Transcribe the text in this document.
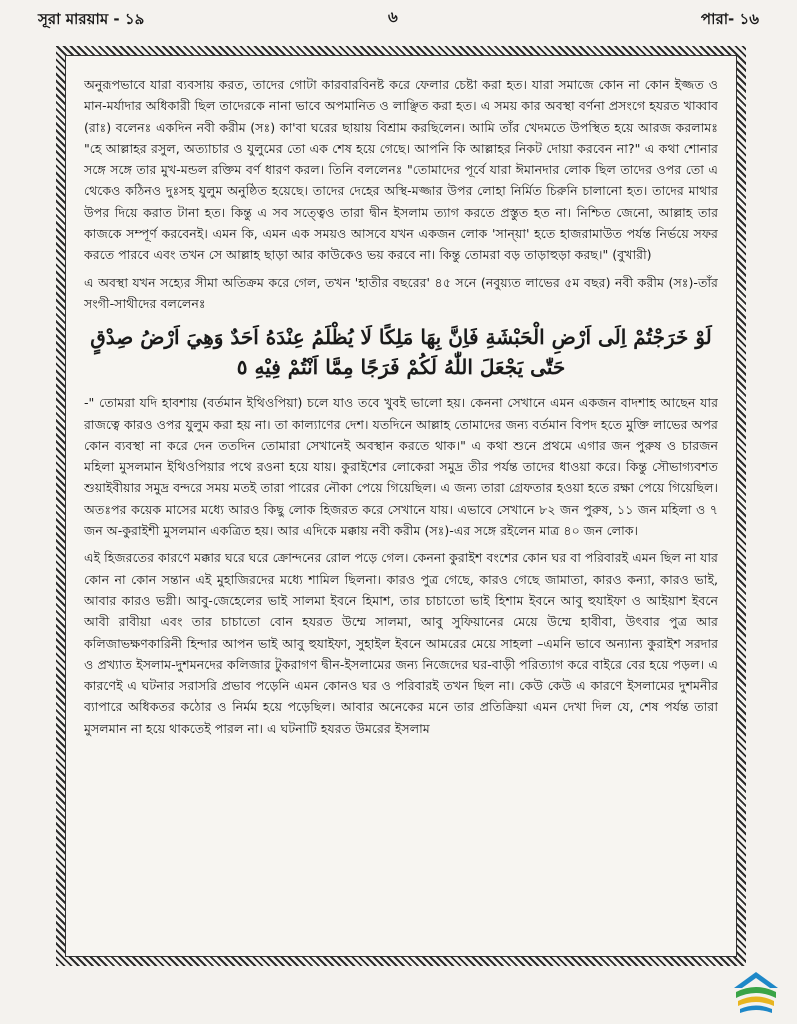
সূরা মারয়াম - ১৯	৬	পারা- ১৬

অনুরূপভাবে যারা ব্যবসায় করত, তাদের গোটা কারবারবিনষ্ট করে ফেলার চেষ্টা করা হত। যারা সমাজে কোন না কোন ইজ্জত ও মান-মর্যাদার অধিকারী ছিল তাদেরকে নানা ভাবে অপমানিত ও লাঞ্ছিত করা হত। এ সময় কার অবস্থা বর্ণনা প্রসংগে হযরত খাব্বাব (রাঃ) বলেনঃ একদিন নবী করীম (সঃ) কা'বা ঘরের ছায়ায় বিশ্রাম করছিলেন। আমি তাঁর খেদমতে উপস্থিত হয়ে আরজ করলামঃ "হে আল্লাহর রসুল, অত্যাচার ও যুলুমের তো এক শেষ হয়ে গেছে। আপনি কি আল্লাহর নিকট দোয়া করবেন না?" এ কথা শোনার সঙ্গে সঙ্গে তার মুখ-মন্ডল রক্তিম বর্ণ ধারণ করল। তিনি বললেনঃ "তোমাদের পূর্বে যারা ঈমানদার লোক ছিল তাদের ওপর তো এ থেকেও কঠিনও দুঃসহ যুলুম অনুষ্ঠিত হয়েছে। তাদের দেহের অস্থি-মজ্জার উপর লোহা নির্মিত চিরুনি চালানো হত। তাদের মাথার উপর দিয়ে করাত টানা হত। কিন্তু এ সব সত্ত্বেও তারা দ্বীন ইসলাম ত্যাগ করতে প্রস্তুত হত না। নিশ্চিত জেনো, আল্লাহ তার কাজকে সম্পূর্ণ করবেনই। এমন কি, এমন এক সময়ও আসবে যখন একজন লোক 'সান্য়া' হতে হাজরামাউত পর্যন্ত নির্ভয়ে সফর করতে পারবে এবং তখন সে আল্লাহ ছাড়া আর কাউকেও ভয় করবে না। কিন্তু তোমরা বড় তাড়াহুড়া করছ।" (বুখারী)

এ অবস্থা যখন সহ্যের সীমা অতিক্রম করে গেল, তখন 'হাতীর বছরের' ৪৫ সনে (নবুয়্যত লাভের ৫ম বছর) নবী করীম (সঃ)-তাঁর সংগী-সাথীদের বললেনঃ

لَوْ خَرَجْتُمْ اِلَى اَرْضِ الْحَبْشَةِ فَاِنَّ بِهَا مَلِكًا لَا يُظْلَمُ عِنْدَهُ اَحَدٌ وَهِيَ اَرْضُ صِدْقٍ حَتّٰى يَجْعَلَ اللّٰهُ لَكُمْ فَرَجًا مِمَّا اَنْتُمْ فِيْهِ ٥

-" তোমরা যদি হাবশায় (বর্তমান ইথিওপিয়া) চলে যাও তবে খুবই ভালো হয়। কেননা সেখানে এমন একজন বাদশাহ আছেন যার রাজত্বে কারও ওপর যুলুম করা হয় না। তা কাল্যাণের দেশ। যতদিনে আল্লাহ তোমাদের জন্য বর্তমান বিপদ হতে মুক্তি লাভের অপর কোন ব্যবস্থা না করে দেন ততদিন তোমারা সেখানেই অবস্থান করতে থাক।" এ কথা শুনে প্রথমে এগার জন পুরুষ ও চারজন মহিলা মুসলমান ইথিওপিয়ার পথে রওনা হয়ে যায়। কুরাইশের লোকেরা সমুদ্র তীর পর্যন্ত তাদের ধাওয়া করে। কিন্তু সৌভাগ্যবশত শুয়াইবীয়ার সমুদ্র বন্দরে সময় মতই তারা পারের নৌকা পেয়ে গিয়েছিল। এ জন্য তারা গ্রেফতার হওয়া হতে রক্ষা পেয়ে গিয়েছিল। অতঃপর কয়েক মাসের মধ্যে আরও কিছু লোক হিজরত করে সেখানে যায়। এভাবে সেখানে ৮২ জন পুরুষ, ১১ জন মহিলা ও ৭ জন অ-কুরাইশী মুসলমান একত্রিত হয়। আর এদিকে মক্কায় নবী করীম (সঃ)-এর সঙ্গে রইলেন মাত্র ৪০ জন লোক।

এই হিজরতের কারণে মক্কার ঘরে ঘরে ক্রোন্দনের রোল পড়ে গেল। কেননা কুরাইশ বংশের কোন ঘর বা পরিবারই এমন ছিল না যার কোন না কোন সন্তান এই মুহাজিরদের মধ্যে শামিল ছিলনা। কারও পুত্র গেছে, কারও গেছে জামাতা, কারও কন্যা, কারও ভাই, আবার কারও ভগ্নী। আবু-জেহেলের ভাই সালমা ইবনে হিমাশ, তার চাচাতো ভাই হিশাম ইবনে আবু হুযাইফা ও আইয়াশ ইবনে আবী রাবীয়া এবং তার চাচাতো বোন হযরত উম্মে সালমা, আবু সুফিয়ানের মেয়ে উম্মে হাবীবা, উৎবার পুত্র আর কলিজাভক্ষণকারিনী হিন্দার আপন ভাই আবু হুযাইফা, সুহাইল ইবনে আমরের মেয়ে সাহলা –এমনি ভাবে অন্যান্য কুরাইশ সরদার ও প্রখ্যাত ইসলাম-দুশমনদের কলিজার টুকরাগণ দ্বীন-ইসলামের জন্য নিজেদের ঘর-বাড়ী পরিত্যাগ করে বাইরে বের হয়ে পড়ল। এ কারণেই এ ঘটনার সরাসরি প্রভাব পড়েনি এমন কোনও ঘর ও পরিবারই তখন ছিল না। কেউ কেউ এ কারণে ইসলামের দুশমনীর ব্যাপারে অধিকতর কঠোর ও নির্মম হয়ে পড়েছিল। আবার অনেকের মনে তার প্রতিক্রিয়া এমন দেখা দিল যে, শেষ পর্যন্ত তারা মুসলমান না হয়ে থাকতেই পারল না। এ ঘটনাটি হযরত উমরের ইসলাম
